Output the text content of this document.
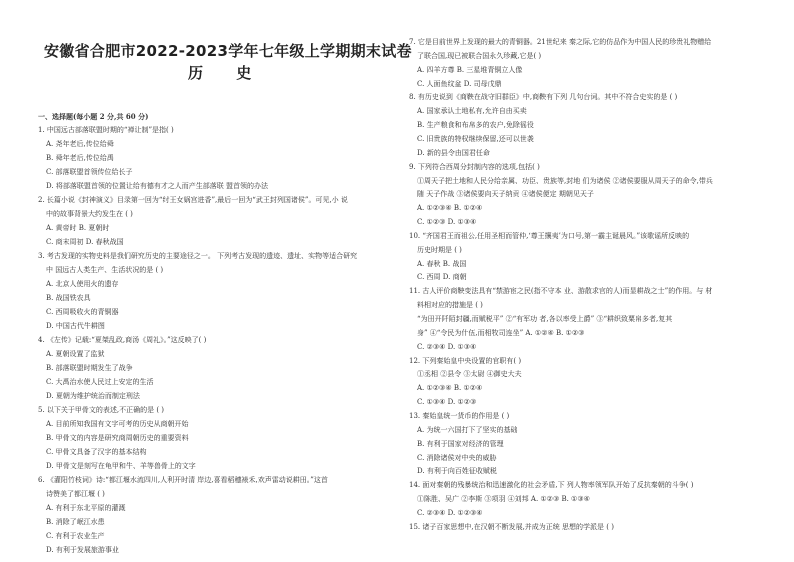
安徽省合肥市2022-2023学年七年级上学期期末试卷
历 史
一、选择题(每小题 2 分,共 60 分)
1. 中国远古部落联盟时期的“禅让制”是指( )
A. 尧年老后,传位给舜
B. 舜年老后,传位给禹
C. 部落联盟首领传位给长子
D. 将部落联盟首领的位置让给有德有才之人而产生部落联 盟首领的办法
2. 长篇小说《封神演义》目录第一回为“纣王女娲宫进香”,最后一回为“武王封列国诸侯”。可见,小 说
中的故事背景大约发生在 ( )
A. 黄帝时 B. 夏朝时
C. 商末周初 D. 春秋战国
3. 考古发现的实物史料是我们研究历史的主要途径之一。 下列考古发现的遗迹、遗址、实物等适合研究
中 国远古人类生产、生活状况的是 ( )
A. 北京人使用火的遗存
B. 战国铁农具
C. 西周吸收火的青铜器
D. 中国古代牛耕图
4. 《左传》记载:“夏桀乱政,商汤《周礼》。”这反映了( )
A. 夏朝设置了监狱
B. 部落联盟时期发生了战争
C. 大禹治水使人民过上安定的生活
D. 夏朝为维护统治而制定刑法
5. 以下关于甲骨文的表述,不正确的是 ( )
A. 目前所知我国有文字可考的历史从商朝开始
B. 甲骨文的内容是研究商周朝历史的重要资料
C. 甲骨文具备了汉字的基本结构
D. 甲骨文是刻写在龟甲和牛、羊等兽骨上的文字
6. 《灌阳竹枝词》诗:“都江堰水流四川,人利开时清 岸边,喜看稻穗裱禾,欢声雷动说耕田。”这首
诗赞美了都江堰 ( )
A. 有利于东北平原的灌溉
B. 消除了岷江水患
C. 有利于农业生产
D. 有利于发展旅游事业
7. 它是目前世界上发现的最大的青铜器。21世纪来 秦之际,它的仿品作为中国人民的珍贵礼物赠给
了联合国,现已被联合国永久珍藏,它是( )
A. 四羊方尊 B. 三星堆青铜立人像
C. 人面鱼纹盆 D. 司母戊鼎
8. 有历史说到《商鞅在战守旧群臣》中,商鞅有下列 几句台词。其中不符合史实的是 ( )
A. 国家承认土地私有,允许自由买卖
B. 生产粮食和布帛多的农户,免除徭役
C. 旧贵族的特权继续保留,还可以世袭
D. 新的县令由国君任命
9. 下列符合西周分封制内容的选项,包括( )
①周天子把土地和人民分给亲属、功臣、贵族等,封地 们为诸侯 ②诸侯要服从周天子的命令,带兵
随 天子作战 ③诸侯要向天子纳贡 ④诸侯便定 期朝见天子
A. ①②③④ B. ①②④
C. ①②③ D. ①③④
10. “齐国君王而祖公,任用圣相而管仲,‘尊王攘夷’为口号,第一霸主诞晨风。”该歌谣所反映的
历史时期是 ( )
A. 春秋 B. 战国
C. 西周 D. 商朝
11. 古人评价商鞅变法具有“禁游宦之民(指不守本 业、游散求官的人)而显耕战之士”的作用。与 材
料相对应的措施是 ( )
“为田开阡陌封疆,而赋税平” ②“有军功 者,各以率受上爵” ③“耕织致粟帛多者,复其
身” ④“令民为什伍,而相牧司连坐” A. ①②④ B. ①②③
C. ②③④ D. ①③④
12. 下列秦始皇中央设置的官职有( )
①丞相 ②县令 ③太尉 ④御史大夫
A. ①②③④ B. ①②④
C. ①③④ D. ①②③
13. 秦始皇统一货币的作用是 ( )
A. 为统一六国打下了坚实的基础
B. 有利于国家对经济的管理
C. 消除诸侯对中央的威胁
D. 有利于向百姓征收赋税
14. 面对秦朝的残暴统治和迅速激化的社会矛盾,下 列人物率领军队开始了反抗秦朝的斗争( )
①陈胜、吴广 ②李斯 ③项羽 ④刘邦 A. ①②③ B. ①③④
C. ②③④ D. ①②③④
15. 诸子百家思想中,在汉朝不断发展,并成为正统 思想的学派是 ( )
